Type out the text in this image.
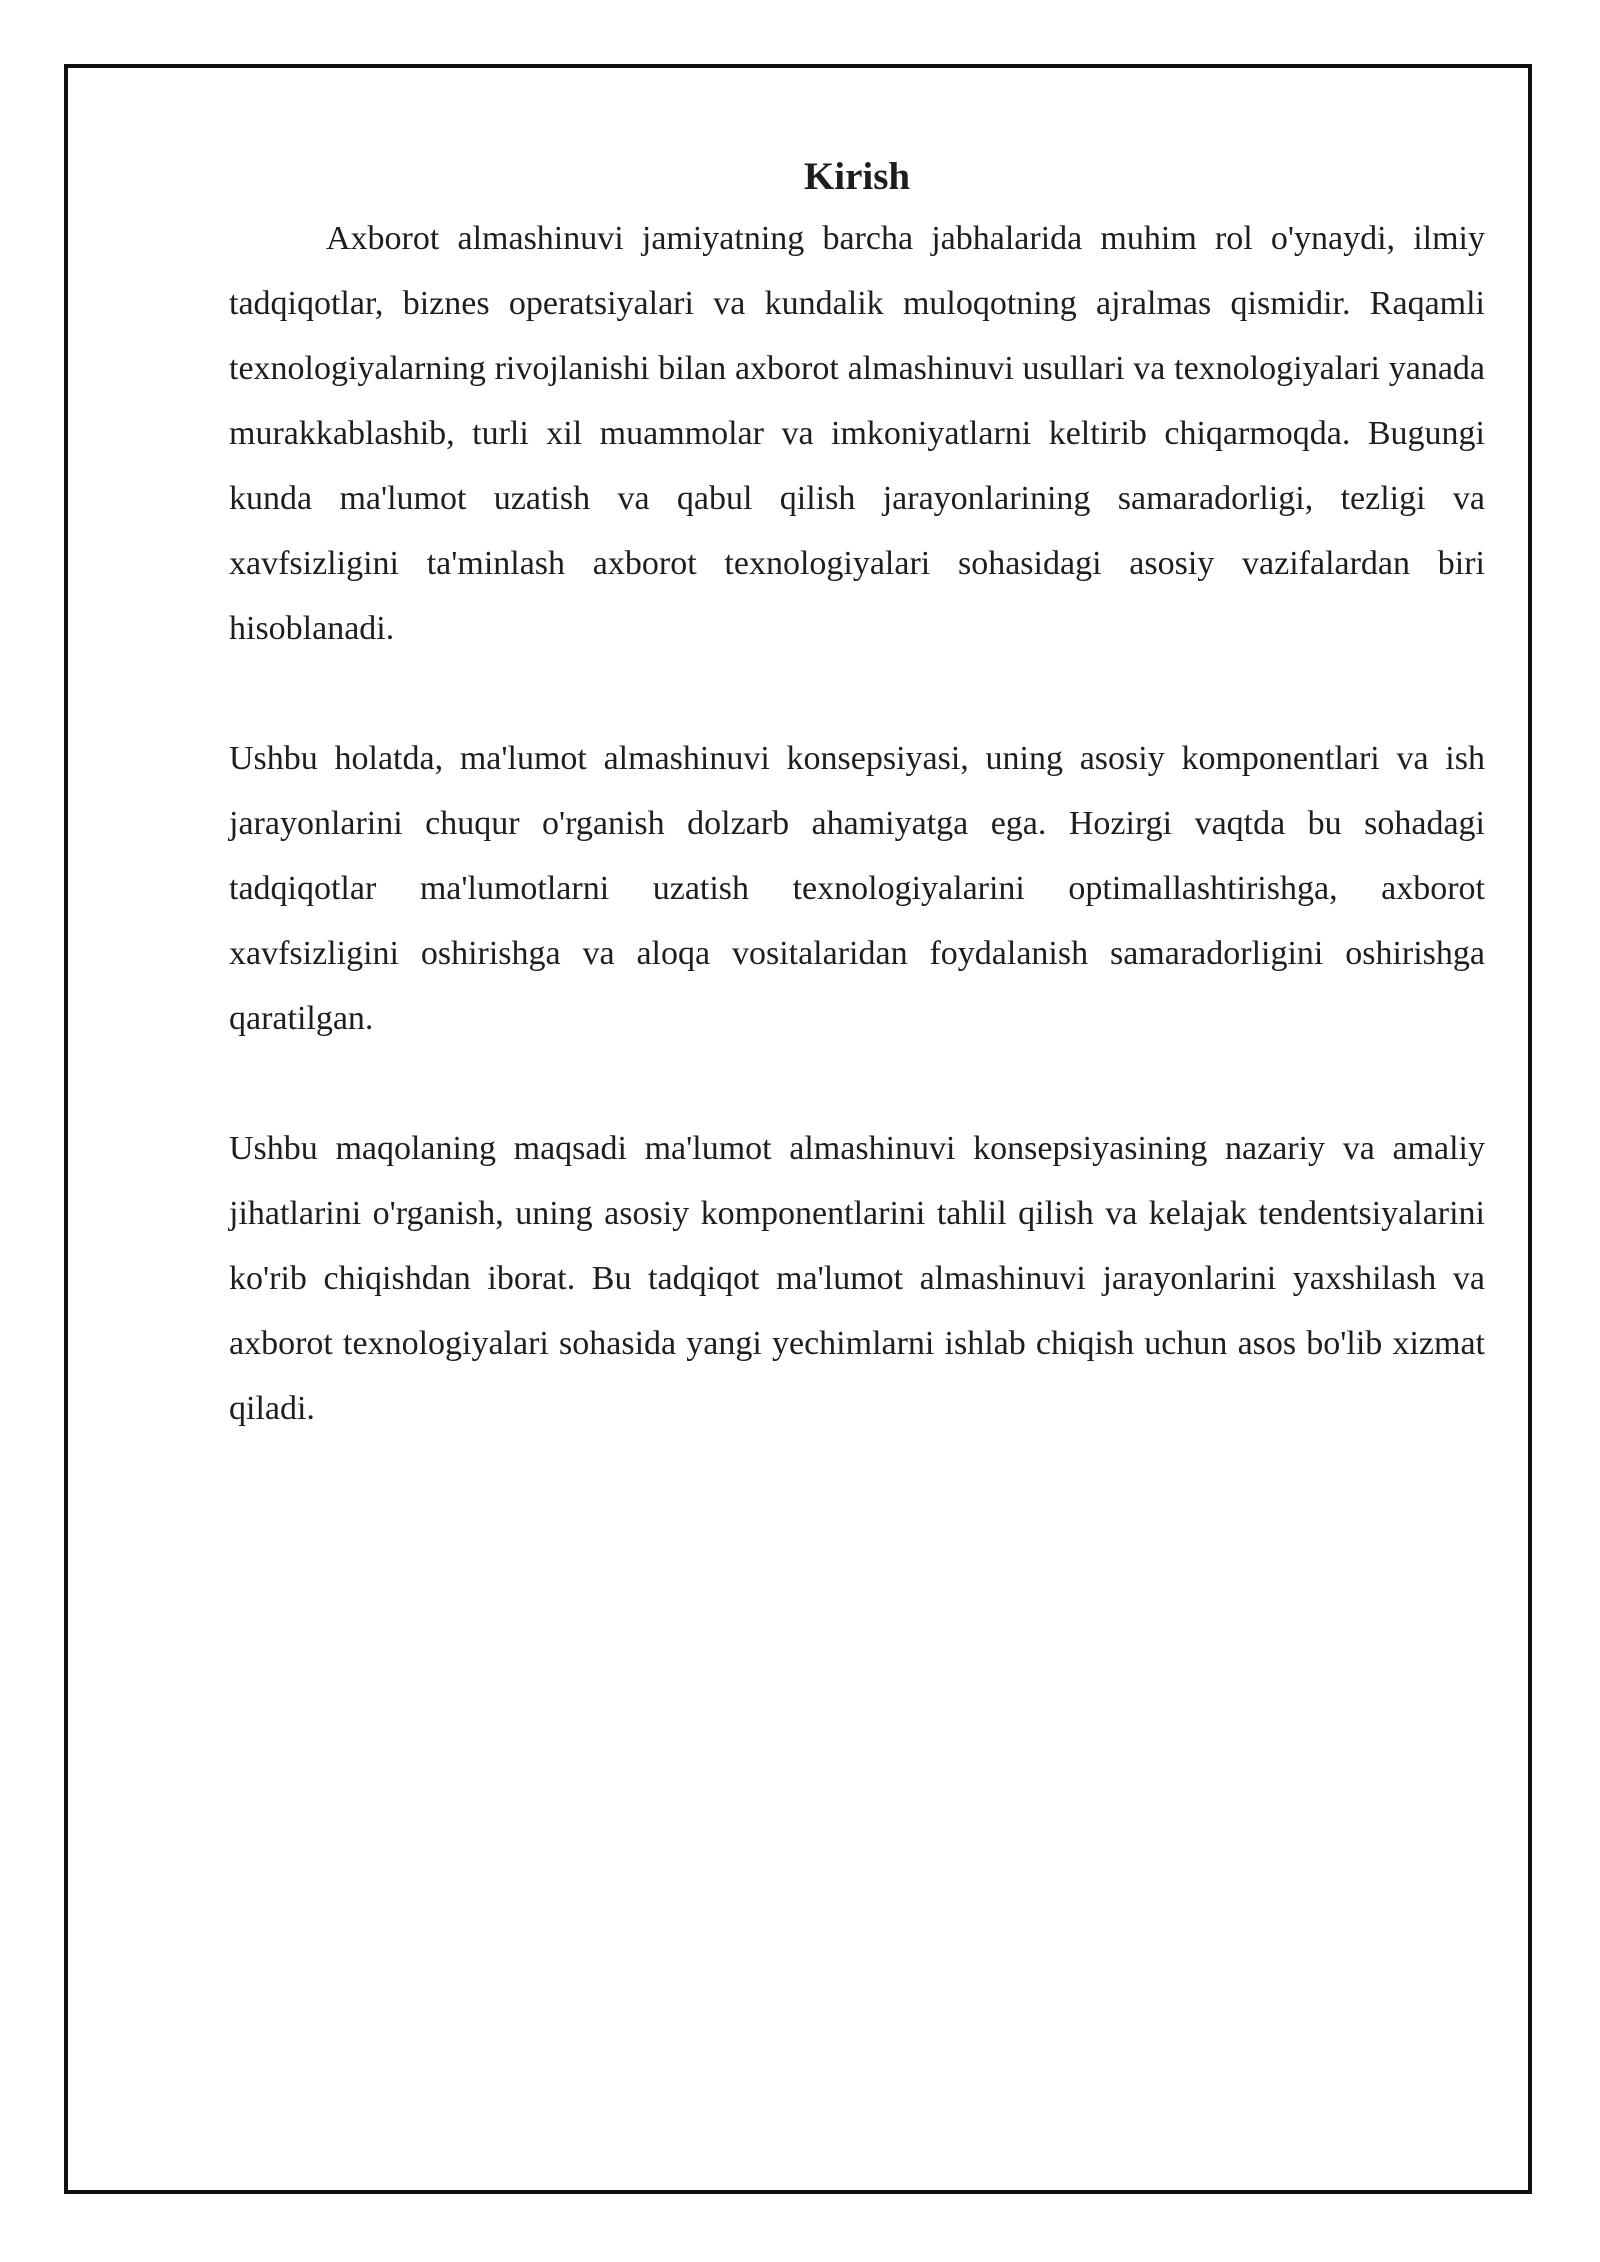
Kirish

Axborot almashinuvi jamiyatning barcha jabhalarida muhim rol o'ynaydi, ilmiy tadqiqotlar, biznes operatsiyalari va kundalik muloqotning ajralmas qismidir. Raqamli texnologiyalarning rivojlanishi bilan axborot almashinuvi usullari va texnologiyalari yanada murakkablashib, turli xil muammolar va imkoniyatlarni keltirib chiqarmoqda. Bugungi kunda ma'lumot uzatish va qabul qilish jarayonlarining samaradorligi, tezligi va xavfsizligini ta'minlash axborot texnologiyalari sohasidagi asosiy vazifalardan biri hisoblanadi.

Ushbu holatda, ma'lumot almashinuvi konsepsiyasi, uning asosiy komponentlari va ish jarayonlarini chuqur o'rganish dolzarb ahamiyatga ega. Hozirgi vaqtda bu sohadagi tadqiqotlar ma'lumotlarni uzatish texnologiyalarini optimallashtirishga, axborot xavfsizligini oshirishga va aloqa vositalaridan foydalanish samaradorligini oshirishga qaratilgan.

Ushbu maqolaning maqsadi ma'lumot almashinuvi konsepsiyasining nazariy va amaliy jihatlarini o'rganish, uning asosiy komponentlarini tahlil qilish va kelajak tendentsiyalarini ko'rib chiqishdan iborat. Bu tadqiqot ma'lumot almashinuvi jarayonlarini yaxshilash va axborot texnologiyalari sohasida yangi yechimlarni ishlab chiqish uchun asos bo'lib xizmat qiladi.
